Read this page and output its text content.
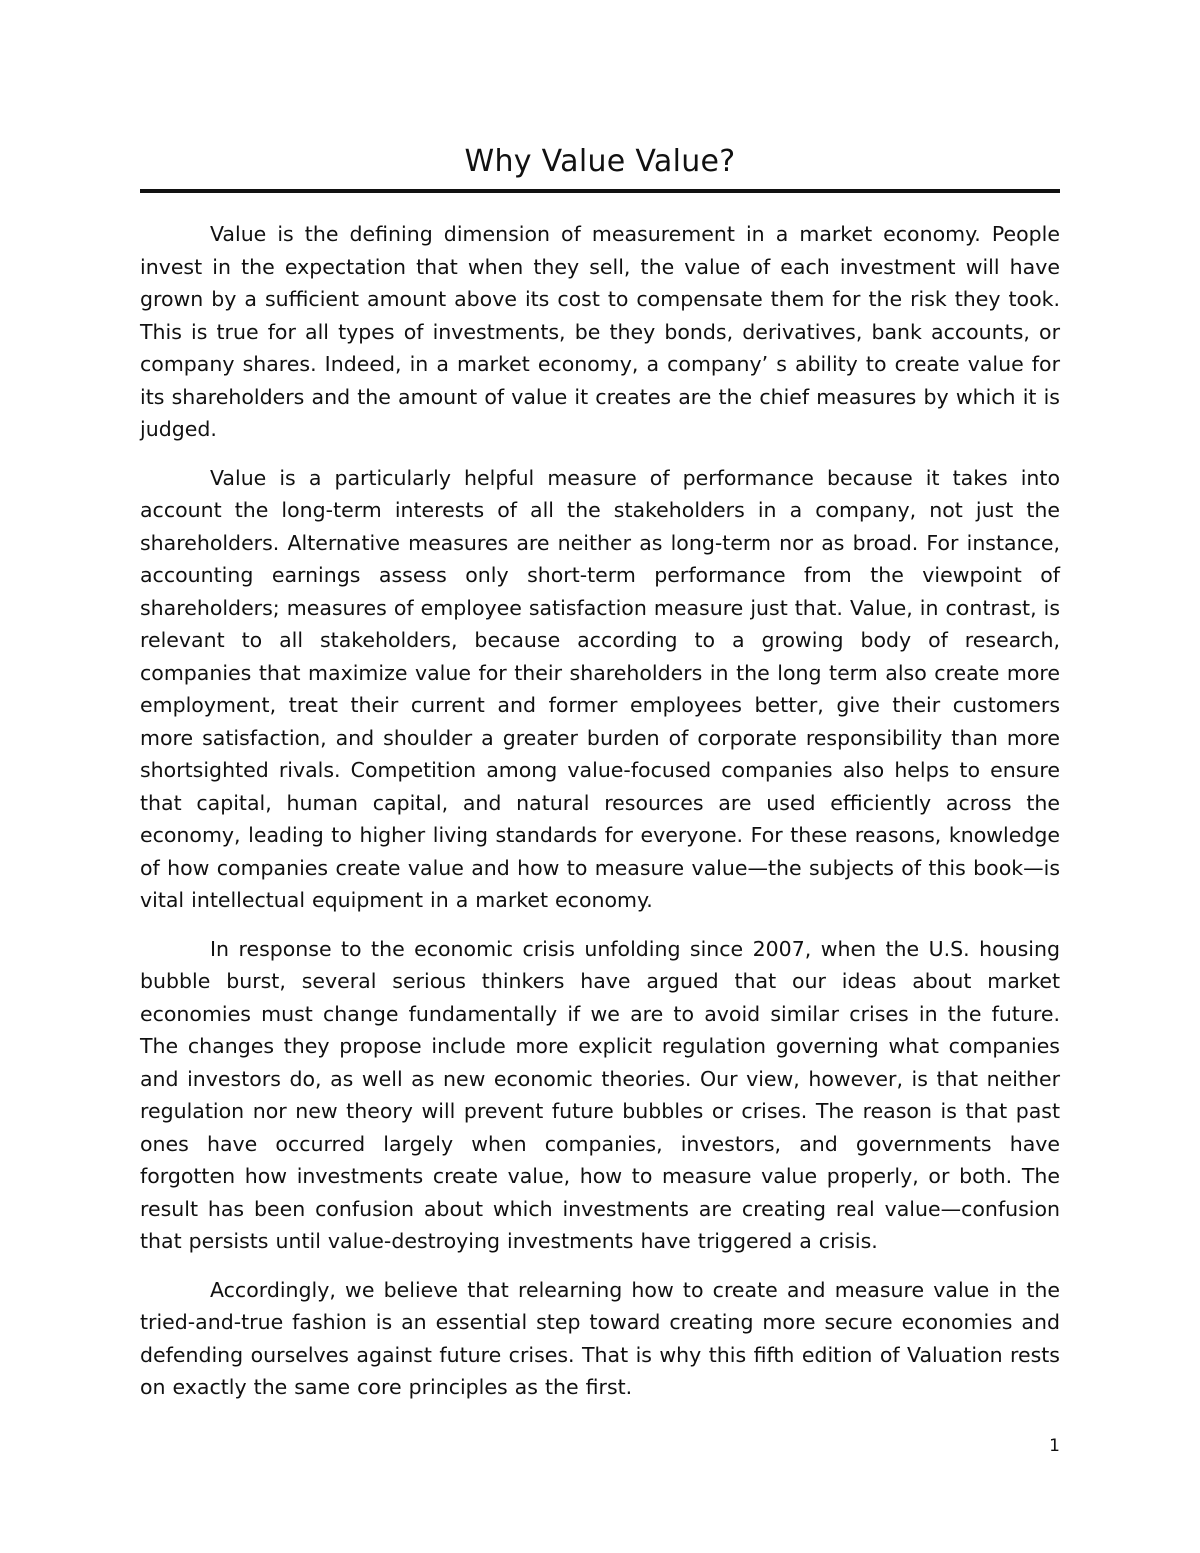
Why Value Value?

Value is the defining dimension of measurement in a market economy. People invest in the expectation that when they sell, the value of each investment will have grown by a sufficient amount above its cost to compensate them for the risk they took. This is true for all types of investments, be they bonds, derivatives, bank accounts, or company shares. Indeed, in a market economy, a company’ s ability to create value for its shareholders and the amount of value it creates are the chief measures by which it is judged.

Value is a particularly helpful measure of performance because it takes into account the long-term interests of all the stakeholders in a company, not just the shareholders. Alternative measures are neither as long-term nor as broad. For instance, accounting earnings assess only short-term performance from the viewpoint of shareholders; measures of employee satisfaction measure just that. Value, in contrast, is relevant to all stakeholders, because according to a growing body of research, companies that maximize value for their shareholders in the long term also create more employment, treat their current and former employees better, give their customers more satisfaction, and shoulder a greater burden of corporate responsibility than more shortsighted rivals. Competition among value-focused companies also helps to ensure that capital, human capital, and natural resources are used efficiently across the economy, leading to higher living standards for everyone. For these reasons, knowledge of how companies create value and how to measure value—the subjects of this book—is vital intellectual equipment in a market economy.

In response to the economic crisis unfolding since 2007, when the U.S. housing bubble burst, several serious thinkers have argued that our ideas about market economies must change fundamentally if we are to avoid similar crises in the future. The changes they propose include more explicit regulation governing what companies and investors do, as well as new economic theories. Our view, however, is that neither regulation nor new theory will prevent future bubbles or crises. The reason is that past ones have occurred largely when companies, investors, and governments have forgotten how investments create value, how to measure value properly, or both. The result has been confusion about which investments are creating real value—confusion that persists until value-destroying investments have triggered a crisis.

Accordingly, we believe that relearning how to create and measure value in the tried-and-true fashion is an essential step toward creating more secure economies and defending ourselves against future crises. That is why this fifth edition of Valuation rests on exactly the same core principles as the first.

1
